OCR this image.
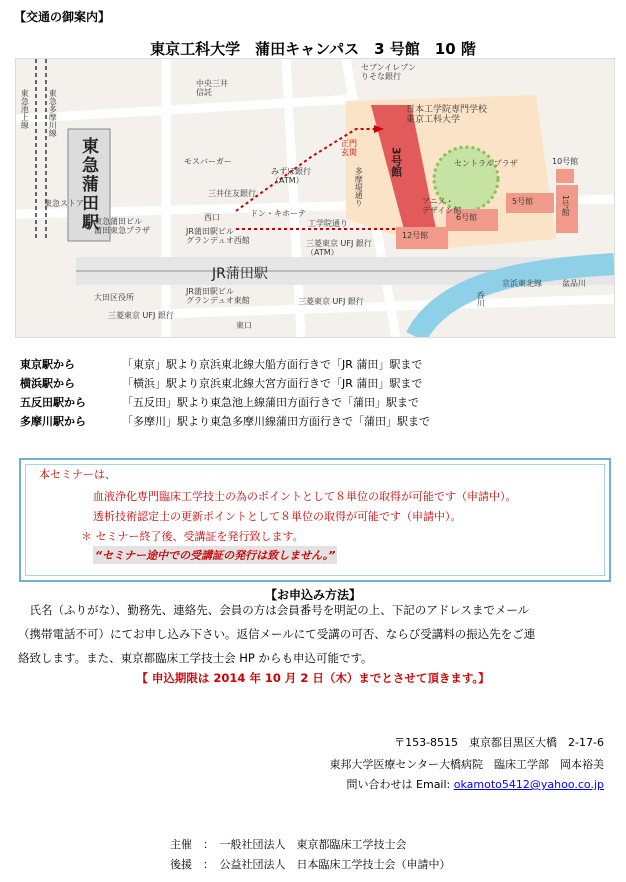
【交通の御案内】
東京工科大学　蒲田キャンパス　3 号館　10 階
セブンイレブン
りそな銀行
中央三井
信託
日本工学院専門学校
東京工科大学
正門
玄関	3号館	セントラルプラザ	10号館
モスバーガー
みずほ銀行
（ATM）
三井住友銀行	多摩堤通り
ドン・キホーテ
工学院通り
アニメ・
デザイン館
5号館
6号館
1号館
12号館
東急ストア
東急蒲田ビル
蒲田東急プラザ
西口
JR蒲田駅ビル
グランデュオ西館	三菱東京 UFJ 銀行
（ATM）
JR蒲田駅
東急蒲田駅
東急池上線 東急多摩川線
京浜東北線
呑川
大田区役所
JR蒲田駅ビル
グランデュオ東館
三菱東京 UFJ 銀行
三菱東京 UFJ 銀行
東口
盆品川
東京駅から	「東京」駅より京浜東北線大船方面行きで「JR 蒲田」駅まで
横浜駅から	「横浜」駅より京浜東北線大宮方面行きで「JR 蒲田」駅まで
五反田駅から	「五反田」駅より東急池上線蒲田方面行きで「蒲田」駅まで
多摩川駅から	「多摩川」駅より東急多摩川線蒲田方面行きで「蒲田」駅まで
本セミナーは、
血液浄化専門臨床工学技士の為のポイントとして８単位の取得が可能です（申請中）。
透析技術認定士の更新ポイントとして８単位の取得が可能です（申請中）。
＊ セミナー終了後、受講証を発行致します。
“セミナー途中での受講証の発行は致しません。”
【お申込み方法】
　氏名（ふりがな）、勤務先、連絡先、会員の方は会員番号を明記の上、下記のアドレスまでメール
（携帯電話不可）にてお申し込み下さい。返信メールにて受講の可否、ならび受講料の振込先をご連
絡致します。また、東京都臨床工学技士会 HP からも申込可能です。
【 申込期限は 2014 年 10 月 2 日（木）までとさせて頂きます。】
〒153-8515　東京都目黒区大橋　2-17-6
東邦大学医療センター大橋病院　臨床工学部　岡本裕美
問い合わせは Email: okamoto5412@yahoo.co.jp
主催　：　一般社団法人　東京都臨床工学技士会
後援　：　公益社団法人　日本臨床工学技士会（申請中）
